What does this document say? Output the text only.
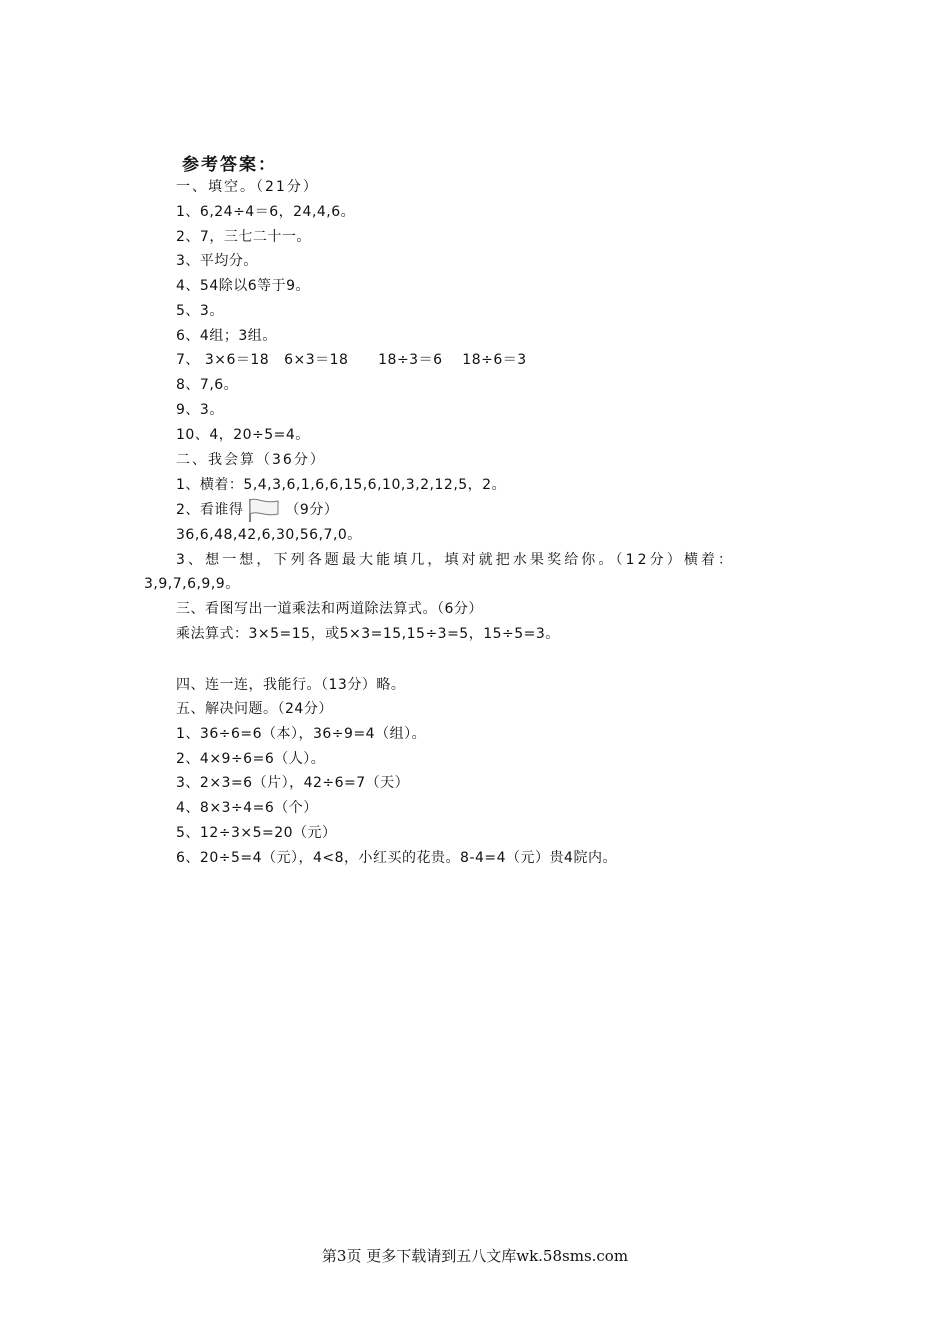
参考答案：
一、填空。（21分）
1、6,24÷4＝6，24,4,6。
2、7，三七二十一。
3、平均分。
4、54除以6等于9。
5、3。
6、4组；3组。
7、 3×6＝18   6×3＝18      18÷3＝6    18÷6＝3
8、7,6。
9、3。
10、4，20÷5=4。
二、我会算（36分）
1、横着：5,4,3,6,1,6,6,15,6,10,3,2,12,5，2。
2、看谁得	（9分）
36,6,48,42,6,30,56,7,0。
3、想一想，下列各题最大能填几，填对就把水果奖给你。（12分）横着：
3,9,7,6,9,9。
三、看图写出一道乘法和两道除法算式。（6分）
乘法算式：3×5=15，或5×3=15,15÷3=5，15÷5=3。
四、连一连，我能行。（13分）略。
五、解决问题。（24分）
1、36÷6=6（本），36÷9=4（组）。
2、4×9÷6=6（人）。
3、2×3=6（片），42÷6=7（天）
4、8×3÷4=6（个）
5、12÷3×5=20（元）
6、20÷5=4（元），4<8，小红买的花贵。8-4=4（元）贵4院内。
第3页 更多下载请到五八文库wk.58sms.com
